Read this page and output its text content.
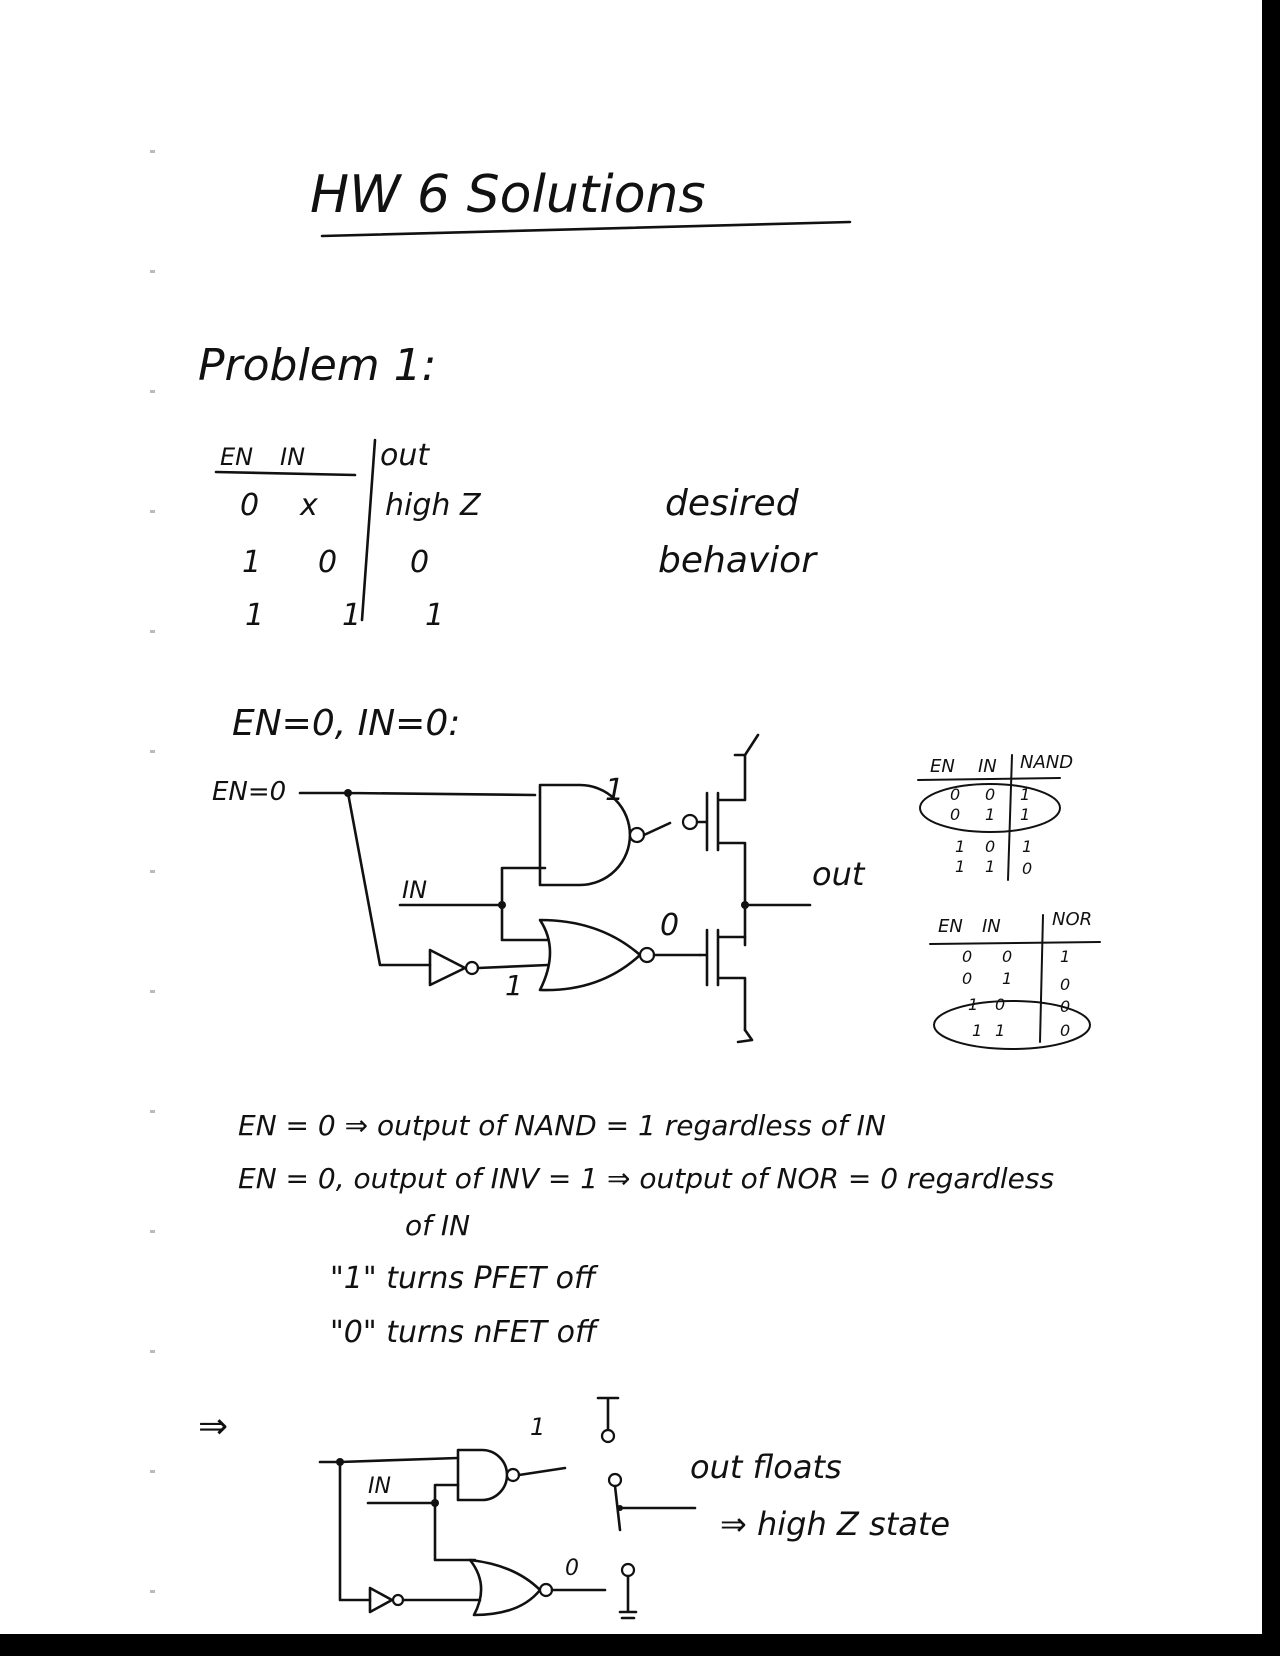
HW 6 Solutions
Problem 1:
EN IN out
0 x high Z
1 0 0
1	1 1
desired
behavior
EN=0, IN=0:
EN=0
IN
1
out
0
1
EN IN NAND
0 0 1
0 1 1
1 0 1
1 1 0
EN IN	NOR
0 0	1
0 1	0
1 0	0
1 1	0
EN = 0 ⇒ output of NAND = 1 regardless of IN
EN = 0, output of INV = 1 ⇒ output of NOR = 0 regardless
of IN
"1" turns PFET off
"0" turns nFET off
⇒
IN
1
0
out floats
⇒ high Z state
